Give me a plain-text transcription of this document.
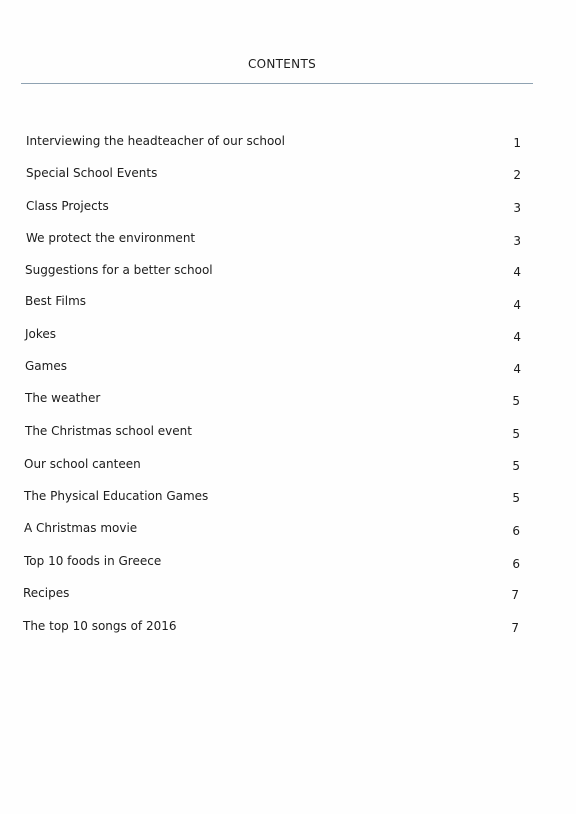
CONTENTS
Interviewing the headteacher of our school	1
Special School Events	2
Class Projects	3
We protect the environment	3
Suggestions for a better school	4
Best Films	4
Jokes	4
Games	4
The weather	5
The Christmas school event	5
Our school canteen	5
The Physical Education Games	5
A Christmas movie	6
Top 10 foods in Greece	6
Recipes	7
The top 10 songs of 2016	7
